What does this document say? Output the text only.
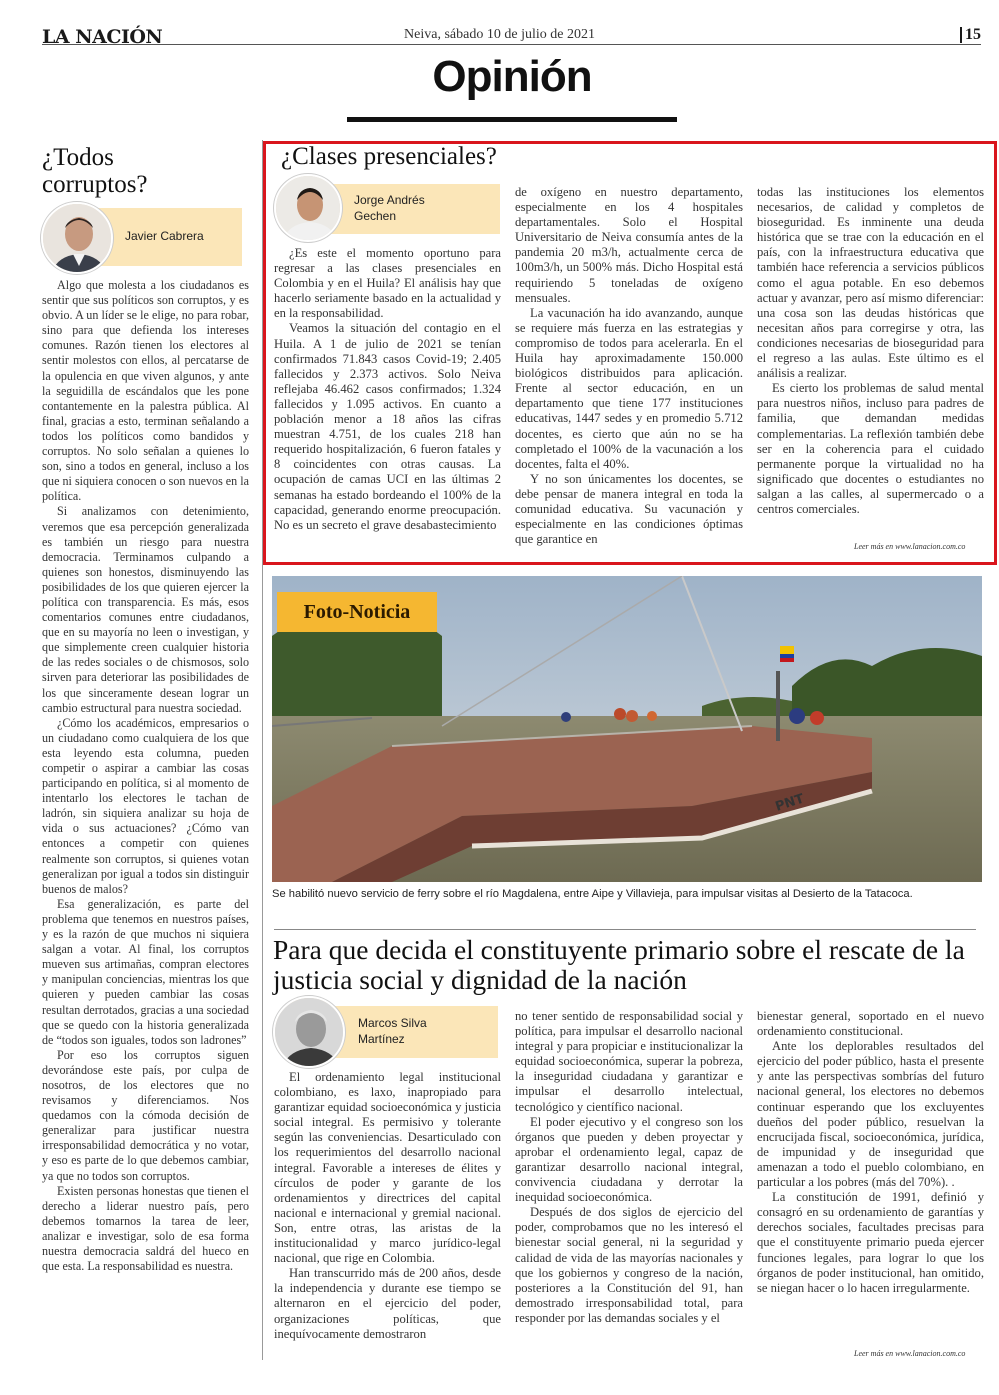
LA NACIÓN	Neiva, sábado 10 de julio de 2021	15
Opinión
¿Todos corruptos?
Javier Cabrera

Algo que molesta a los ciudadanos es sentir que sus políticos son corruptos, y es obvio. A un líder se le elige, no para robar, sino para que defienda los intereses comunes. Razón tienen los electores al sentir molestos con ellos, al percatarse de la opulencia en que viven algunos, y ante la seguidilla de escándalos que les pone contantemente en la palestra pública. Al final, gracias a esto, terminan señalando a todos los políticos como bandidos y corruptos. No solo señalan a quienes lo son, sino a todos en general, incluso a los que ni siquiera conocen o son nuevos en la política.

Si analizamos con detenimiento, veremos que esa percepción generalizada es también un riesgo para nuestra democracia. Terminamos culpando a quienes son honestos, disminuyendo las posibilidades de los que quieren ejercer la política con transparencia. Es más, esos comentarios comunes entre ciudadanos, que en su mayoría no leen o investigan, y que simplemente creen cualquier historia de las redes sociales o de chismosos, solo sirven para deteriorar las posibilidades de los que sinceramente desean lograr un cambio estructural para nuestra sociedad.

¿Cómo los académicos, empresarios o un ciudadano como cualquiera de los que esta leyendo esta columna, pueden competir o aspirar a cambiar las cosas participando en política, si al momento de intentarlo los electores le tachan de ladrón, sin siquiera analizar su hoja de vida o sus actuaciones? ¿Cómo van entonces a competir con quienes realmente son corruptos, si quienes votan generalizan por igual a todos sin distinguir buenos de malos?

Esa generalización, es parte del problema que tenemos en nuestros países, y es la razón de que muchos ni siquiera salgan a votar. Al final, los corruptos mueven sus artimañas, compran electores y manipulan conciencias, mientras los que quieren y pueden cambiar las cosas resultan derrotados, gracias a una sociedad que se quedo con la historia generalizada de “todos son iguales, todos son ladrones”

Por eso los corruptos siguen devorándose este país, por culpa de nosotros, de los electores que no revisamos y diferenciamos. Nos quedamos con la cómoda decisión de generalizar para justificar nuestra irresponsabilidad democrática y no votar, y eso es parte de lo que debemos cambiar, ya que no todos son corruptos.

Existen personas honestas que tienen el derecho a liderar nuestro país, pero debemos tomarnos la tarea de leer, analizar e investigar, solo de esa forma nuestra democracia saldrá del hueco en que esta. La responsabilidad es nuestra.

¿Clases presenciales?
Jorge Andrés
Gechen

¿Es este el momento oportuno para regresar a las clases presenciales en Colombia y en el Huila? El análisis hay que hacerlo seriamente basado en la actualidad y en la responsabilidad.

Veamos la situación del contagio en el Huila. A 1 de julio de 2021 se tenían confirmados 71.843 casos Covid-19; 2.405 fallecidos y 2.373 activos. Solo Neiva reflejaba 46.462 casos confirmados; 1.324 fallecidos y 1.095 activos. En cuanto a población menor a 18 años las cifras muestran 4.751, de los cuales 218 han requerido hospitalización, 6 fueron fatales y 8 coincidentes con otras causas. La ocupación de camas UCI en las últimas 2 semanas ha estado bordeando el 100% de la capacidad, generando enorme preocupación. No es un secreto el grave desabastecimiento

de oxígeno en nuestro departamento, especialmente en los 4 hospitales departamentales. Solo el Hospital Universitario de Neiva consumía antes de la pandemia 20 m3/h, actualmente cerca de 100m3/h, un 500% más. Dicho Hospital está requiriendo 5 toneladas de oxígeno mensuales.

La vacunación ha ido avanzando, aunque se requiere más fuerza en las estrategias y compromiso de todos para acelerarla. En el Huila hay aproximadamente 150.000 biológicos distribuidos para aplicación. Frente al sector educación, en un departamento que tiene 177 instituciones educativas, 1447 sedes y en promedio 5.712 docentes, es cierto que aún no se ha completado el 100% de la vacunación a los docentes, falta el 40%.

Y no son únicamentes los docentes, se debe pensar de manera integral en toda la comunidad educativa. Su vacunación y especialmente en las condiciones óptimas que garantice en

todas las instituciones los elementos necesarios, de calidad y completos de bioseguridad. Es inminente una deuda histórica que se trae con la educación en el país, con la infraestructura educativa que también hace referencia a servicios públicos como el agua potable. En eso debemos actuar y avanzar, pero así mismo diferenciar: una cosa son las deudas históricas que necesitan años para corregirse y otra, las condiciones necesarias de bioseguridad para el regreso a las aulas. Este último es el análisis a realizar.

Es cierto los problemas de salud mental para nuestros niños, incluso para padres de familia, que demandan medidas complementarias. La reflexión también debe ser en la coherencia para el cuidado permanente porque la virtualidad no ha significado que docentes o estudiantes no salgan a las calles, al supermercado o a centros comerciales.

Leer más en www.lanacion.com.co
PNT
Foto-Noticia
Se habilitó nuevo servicio de ferry sobre el río Magdalena, entre Aipe y Villavieja, para impulsar visitas al Desierto de la Tatacoca.
Para que decida el constituyente primario sobre el rescate de la justicia social y dignidad de la nación
Marcos Silva
Martínez

El ordenamiento legal institucional colombiano, es laxo, inapropiado para garantizar equidad socioeconómica y justicia social integral. Es permisivo y tolerante según las conveniencias. Desarticulado con los requerimientos del desarrollo nacional integral. Favorable a intereses de élites y círculos de poder y garante de los ordenamientos y directrices del capital nacional e internacional y gremial nacional. Son, entre otras, las aristas de la institucionalidad y marco jurídico-legal nacional, que rige en Colombia.

Han transcurrido más de 200 años, desde la independencia y durante ese tiempo se alternaron en el ejercicio del poder, organizaciones políticas, que inequívocamente demostraron

no tener sentido de responsabilidad social y política, para impulsar el desarrollo nacional integral y para propiciar e institucionalizar la equidad socioeconómica, superar la pobreza, la inseguridad ciudadana y garantizar e impulsar el desarrollo intelectual, tecnológico y científico nacional.

El poder ejecutivo y el congreso son los órganos que pueden y deben proyectar y aprobar el ordenamiento legal, capaz de garantizar desarrollo nacional integral, convivencia ciudadana y derrotar la inequidad socioeconómica.

Después de dos siglos de ejercicio del poder, comprobamos que no les interesó el bienestar social general, ni la seguridad y calidad de vida de las mayorías nacionales y que los gobiernos y congreso de la nación, posteriores a la Constitución del 91, han demostrado irresponsabilidad total, para responder por las demandas sociales y el

bienestar general, soportado en el nuevo ordenamiento constitucional.

Ante los deplorables resultados del ejercicio del poder público, hasta el presente y ante las perspectivas sombrías del futuro nacional general, los electores no debemos continuar esperando que los excluyentes dueños del poder público, resuelvan la encrucijada fiscal, socioeconómica, jurídica, de impunidad y de inseguridad que amenazan a todo el pueblo colombiano, en particular a los pobres (más del 70%). .

La constitución de 1991, definió y consagró en su ordenamiento de garantías y derechos sociales, facultades precisas para que el constituyente primario pueda ejercer funciones legales, para lograr lo que los órganos de poder institucional, han omitido, se niegan hacer o lo hacen irregularmente.

Leer más en www.lanacion.com.co
